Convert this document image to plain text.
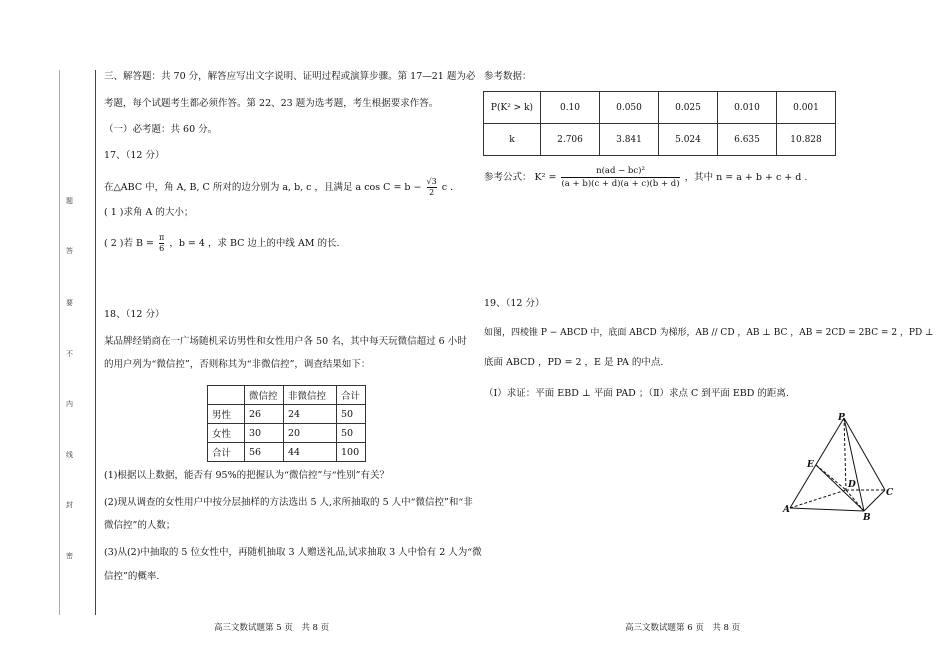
题
答
要
不
内
线
封
密
三、解答题：共 70 分，解答应写出文字说明、证明过程或演算步骤。第 17—21 题为必
考题，每个试题考生都必须作答。第 22、23 题为选考题，考生根据要求作答。
（一）必考题：共 60 分。
17、（12 分）
在△ABC 中，角 A, B, C 所对的边分别为 a, b, c ，且满足 a $\cos C = b - \frac{√3}{2}$ c .
( 1 )求角 A 的大小；
( 2 )若 $B = \frac{\pi}{6}$ ，b = 4 ，求 BC 边上的中线 AM 的长.
18、（12 分）
某品牌经销商在一广场随机采访男性和女性用户各 50 名，其中每天玩微信超过 6 小时
的用户列为“微信控”，否则称其为“非微信控”，调查结果如下：
	微信控	非微信控	合计
男性	26	24	50
女性	30	20	50
合计	56	44	100
(1)根据以上数据，能否有 95%的把握认为“微信控”与“性别”有关？
(2)现从调查的女性用户中按分层抽样的方法选出 5 人,求所抽取的 5 人中“微信控”和“非
微信控”的人数；
(3)从(2)中抽取的 5 位女性中，再随机抽取 3 人赠送礼品,试求抽取 3 人中恰有 2 人为“微
信控”的概率.
高三文数试题第 5 页　共 8 页
参考数据：
P(K² > k)	0.10	0.050	0.025	0.010	0.001
k	2.706	3.841	5.024	6.635	10.828
参考公式： $K^2 = \frac{\text{n(ad − bc)²}}{(a + b)(c + d)(a + c)(b + d)}$ ，其中 n = a + b + c + d .
19、（12 分）
如图，四棱锥 P − ABCD 中，底面 ABCD 为梯形，AB // CD ，AB ⊥ BC ，AB = 2CD = 2BC = 2 ，PD ⊥
底面 ABCD ，PD = 2 ，E 是 PA 的中点.
（Ⅰ）求证：平面 EBD ⊥ 平面 PAD ；（Ⅱ）求点 C 到平面 EBD 的距离.
P
E
D
C
A
B
高三文数试题第 6 页　共 8 页
